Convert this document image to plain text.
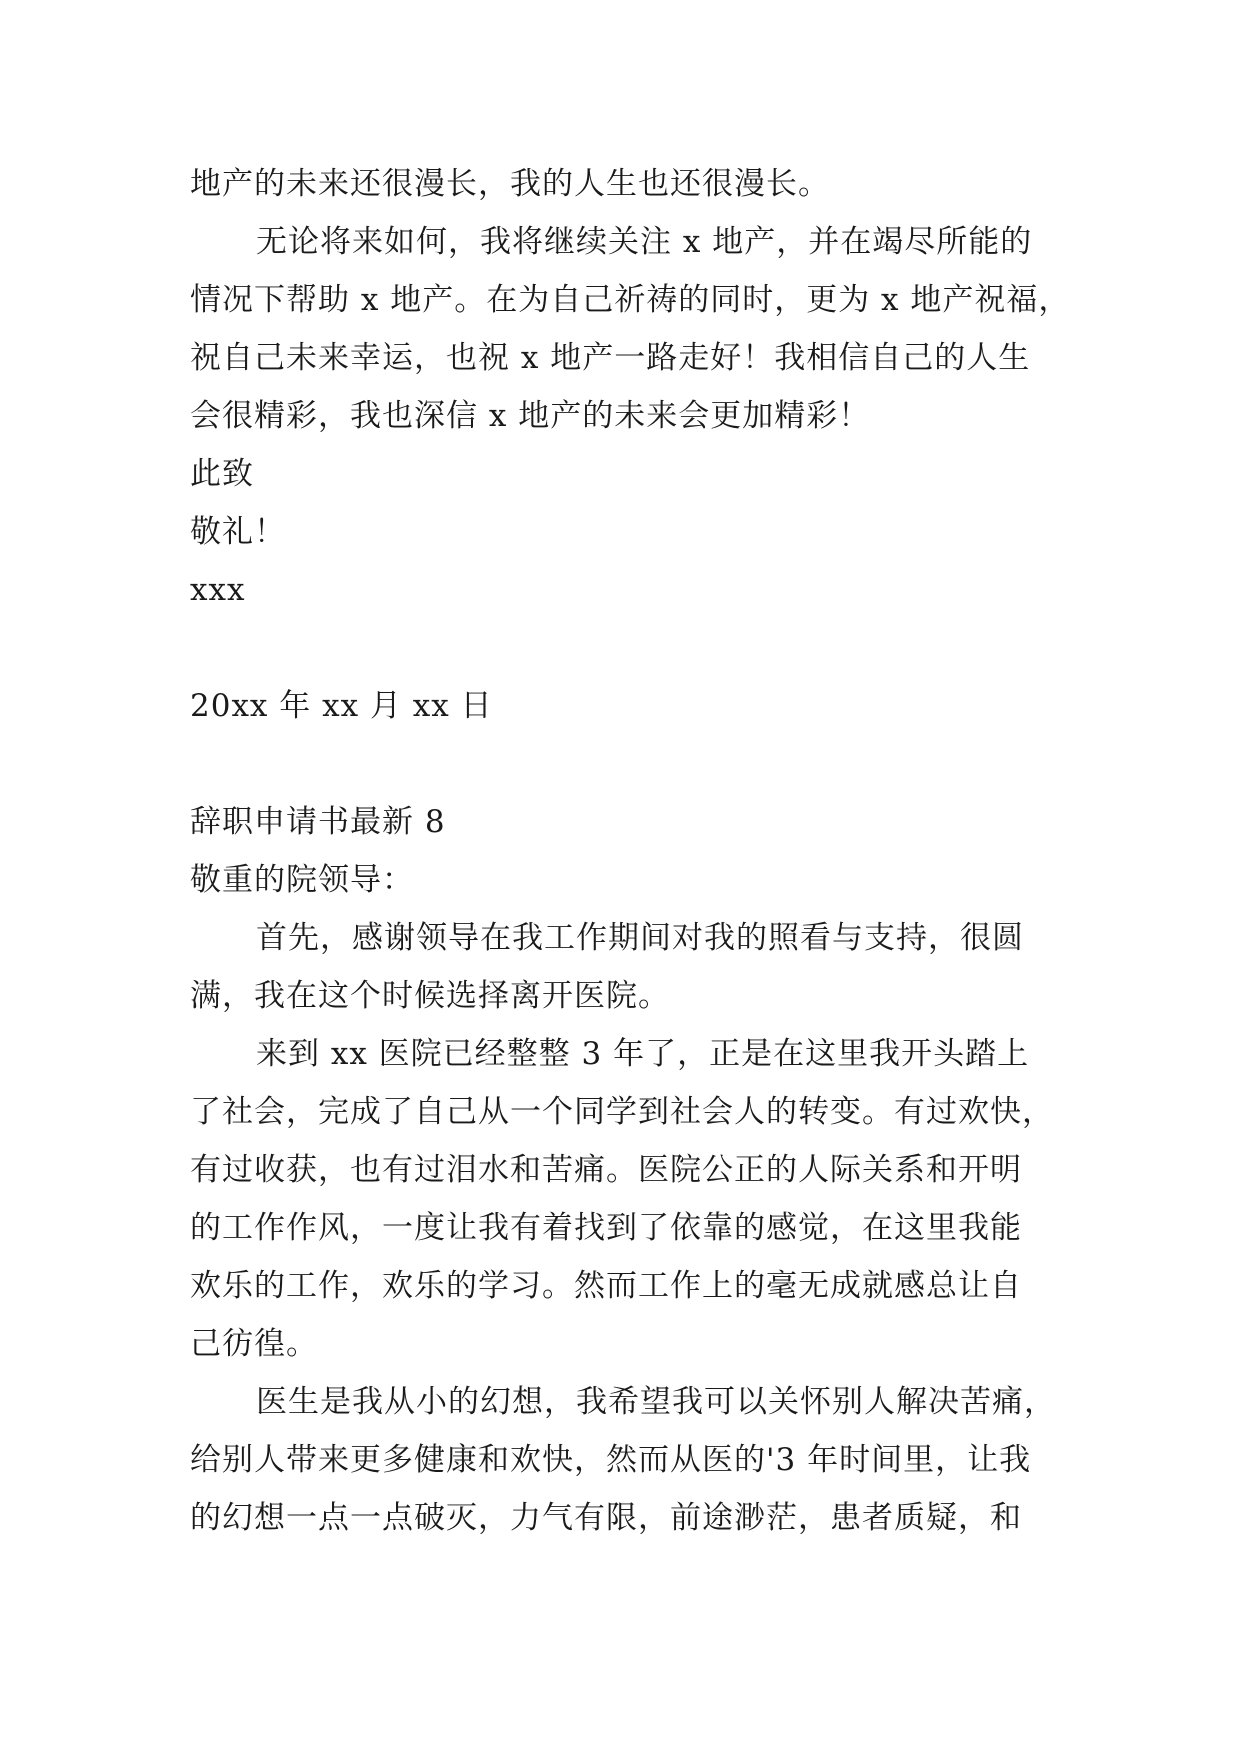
地产的未来还很漫长，我的人生也还很漫长。
无论将来如何，我将继续关注 x 地产，并在竭尽所能的
情况下帮助 x 地产。在为自己祈祷的同时，更为 x 地产祝福，
祝自己未来幸运，也祝 x 地产一路走好！我相信自己的人生
会很精彩，我也深信 x 地产的未来会更加精彩！
此致
敬礼！
xxx
20xx 年 xx 月 xx 日
辞职申请书最新 8
敬重的院领导：
首先，感谢领导在我工作期间对我的照看与支持，很圆
满，我在这个时候选择离开医院。
来到 xx 医院已经整整 3 年了，正是在这里我开头踏上
了社会，完成了自己从一个同学到社会人的转变。有过欢快，
有过收获，也有过泪水和苦痛。医院公正的人际关系和开明
的工作作风，一度让我有着找到了依靠的感觉，在这里我能
欢乐的工作，欢乐的学习。然而工作上的毫无成就感总让自
己彷徨。
医生是我从小的幻想，我希望我可以关怀别人解决苦痛，
给别人带来更多健康和欢快，然而从医的'3 年时间里，让我
的幻想一点一点破灭，力气有限，前途渺茫，患者质疑，和
